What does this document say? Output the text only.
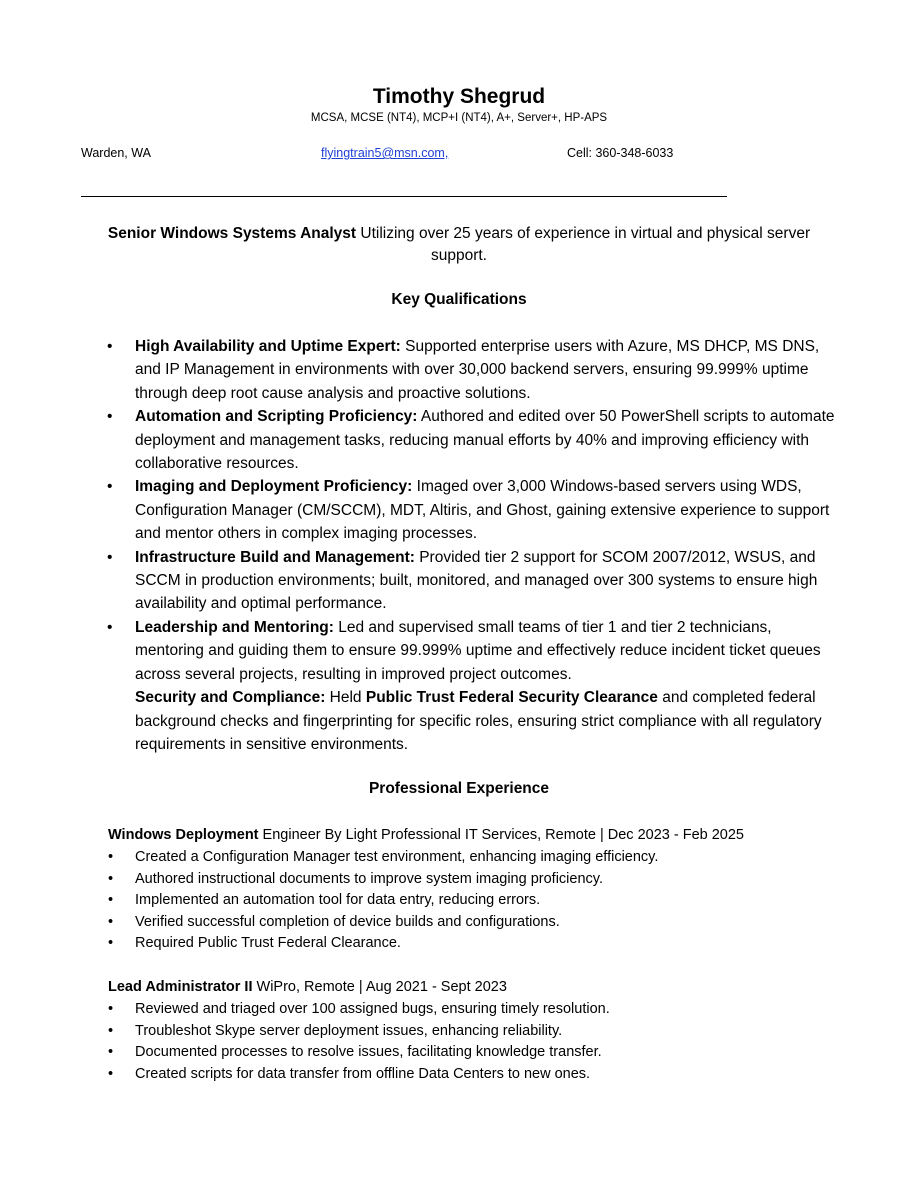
Timothy Shegrud
MCSA, MCSE (NT4), MCP+I (NT4), A+, Server+, HP-APS
Warden, WA	flyingtrain5@msn.com,	Cell: 360-348-6033
Senior Windows Systems Analyst Utilizing over 25 years of experience in virtual and physical server support.
Key Qualifications
• High Availability and Uptime Expert: Supported enterprise users with Azure, MS DHCP, MS DNS, and IP Management in environments with over 30,000 backend servers, ensuring 99.999% uptime through deep root cause analysis and proactive solutions.
• Automation and Scripting Proficiency: Authored and edited over 50 PowerShell scripts to automate deployment and management tasks, reducing manual efforts by 40% and improving efficiency with collaborative resources.
• Imaging and Deployment Proficiency: Imaged over 3,000 Windows-based servers using WDS, Configuration Manager (CM/SCCM), MDT, Altiris, and Ghost, gaining extensive experience to support and mentor others in complex imaging processes.
• Infrastructure Build and Management: Provided tier 2 support for SCOM 2007/2012, WSUS, and SCCM in production environments; built, monitored, and managed over 300 systems to ensure high availability and optimal performance.
• Leadership and Mentoring: Led and supervised small teams of tier 1 and tier 2 technicians, mentoring and guiding them to ensure 99.999% uptime and effectively reduce incident ticket queues across several projects, resulting in improved project outcomes.
Security and Compliance: Held Public Trust Federal Security Clearance and completed federal background checks and fingerprinting for specific roles, ensuring strict compliance with all regulatory requirements in sensitive environments.
Professional Experience
Windows Deployment Engineer By Light Professional IT Services, Remote | Dec 2023 - Feb 2025
• Created a Configuration Manager test environment, enhancing imaging efficiency.
• Authored instructional documents to improve system imaging proficiency.
• Implemented an automation tool for data entry, reducing errors.
• Verified successful completion of device builds and configurations.
• Required Public Trust Federal Clearance.
Lead Administrator II WiPro, Remote | Aug 2021 - Sept 2023
• Reviewed and triaged over 100 assigned bugs, ensuring timely resolution.
• Troubleshot Skype server deployment issues, enhancing reliability.
• Documented processes to resolve issues, facilitating knowledge transfer.
• Created scripts for data transfer from offline Data Centers to new ones.
